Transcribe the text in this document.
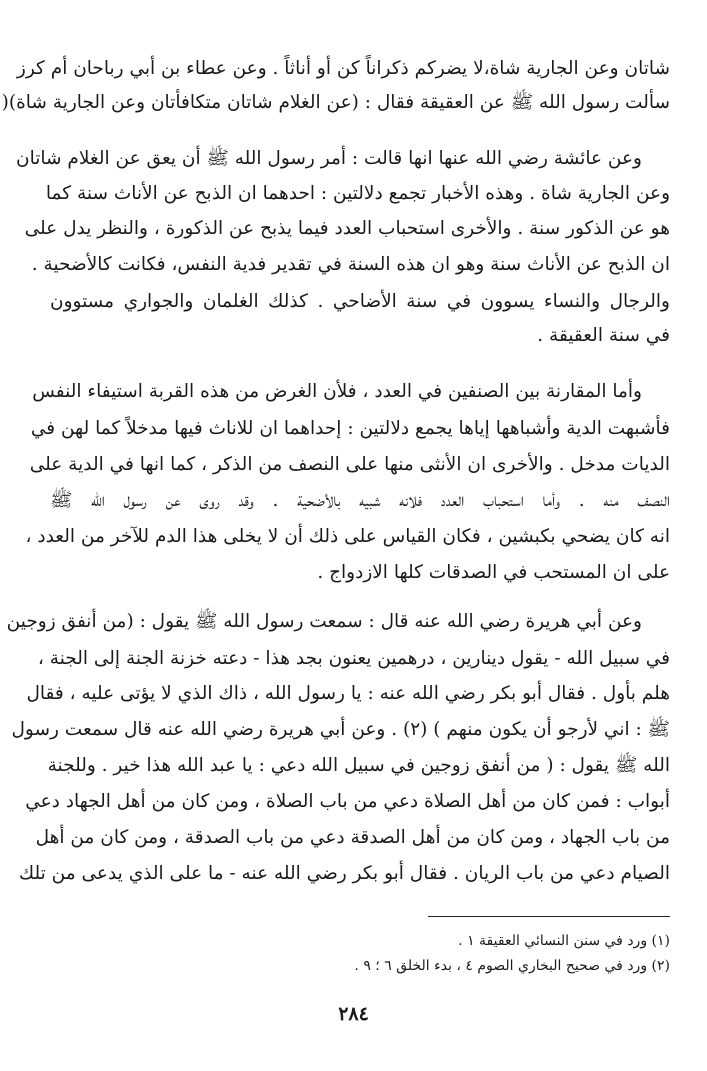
شاتان وعن الجارية شاة،لا يضركم ذكراناً كن أو أناثاً . وعن عطاء بن أبي رباحان أم كرز
سألت رسول الله ﷺ عن العقيقة فقال : (عن الغلام شاتان متكافأتان وعن الجارية شاة)(
وعن عائشة رضي الله عنها انها قالت : أمر رسول الله ﷺ أن يعق عن الغلام شاتان
وعن الجارية شاة . وهذه الأخبار تجمع دلالتين : احدهما ان الذبح عن الأناث سنة كما
هو عن الذكور سنة . والأخرى استحباب العدد فيما يذبح عن الذكورة ، والنظر يدل على
ان الذبح عن الأناث سنة وهو ان هذه السنة في تقدير فدية النفس، فكانت كالأضحية .
والرجال والنساء يسوون في سنة الأضاحي . كذلك الغلمان والجواري مستوون
في سنة العقيقة .
وأما المقارنة بين الصنفين في العدد ، فلأن الغرض من هذه القربة استيفاء النفس
فأشبهت الدية وأشباهها إياها يجمع دلالتين : إحداهما ان للاناث فيها مدخلاً كما لهن في
الديات مدخل . والأخرى ان الأنثى منها على النصف من الذكر ، كما انها في الدية على
النصف منه . وأما استحباب العدد فلانه شبيه بالأضحية . وقد روى عن رسول الله ﷺ
انه كان يضحي بكبشين ، فكان القياس على ذلك أن لا يخلى هذا الدم للآخر من العدد ،
على ان المستحب في الصدقات كلها الازدواج .
وعن أبي هريرة رضي الله عنه قال : سمعت رسول الله ﷺ يقول : (من أنفق زوجين
في سبيل الله - يقول دينارين ، درهمين يعنون بجد هذا - دعته خزنة الجنة إلى الجنة ،
هلم بأول . فقال أبو بكر رضي الله عنه : يا رسول الله ، ذاك الذي لا يؤتى عليه ، فقال
ﷺ : اني لأرجو أن يكون منهم ) (٢) . وعن أبي هريرة رضي الله عنه قال سمعت رسول
الله ﷺ يقول : ( من أنفق زوجين في سبيل الله دعي : يا عبد الله هذا خير . وللجنة
أبواب : فمن كان من أهل الصلاة دعي من باب الصلاة ، ومن كان من أهل الجهاد دعي
من باب الجهاد ، ومن كان من أهل الصدقة دعي من باب الصدقة ، ومن كان من أهل
الصيام دعي من باب الريان . فقال أبو بكر رضي الله عنه - ما على الذي يدعى من تلك
(١) ورد في سنن النسائي العقيقة ١ .
(٢) ورد في صحيح البخاري الصوم ٤ ، بدء الخلق ٦ ؛ ٩ .
٢٨٤
